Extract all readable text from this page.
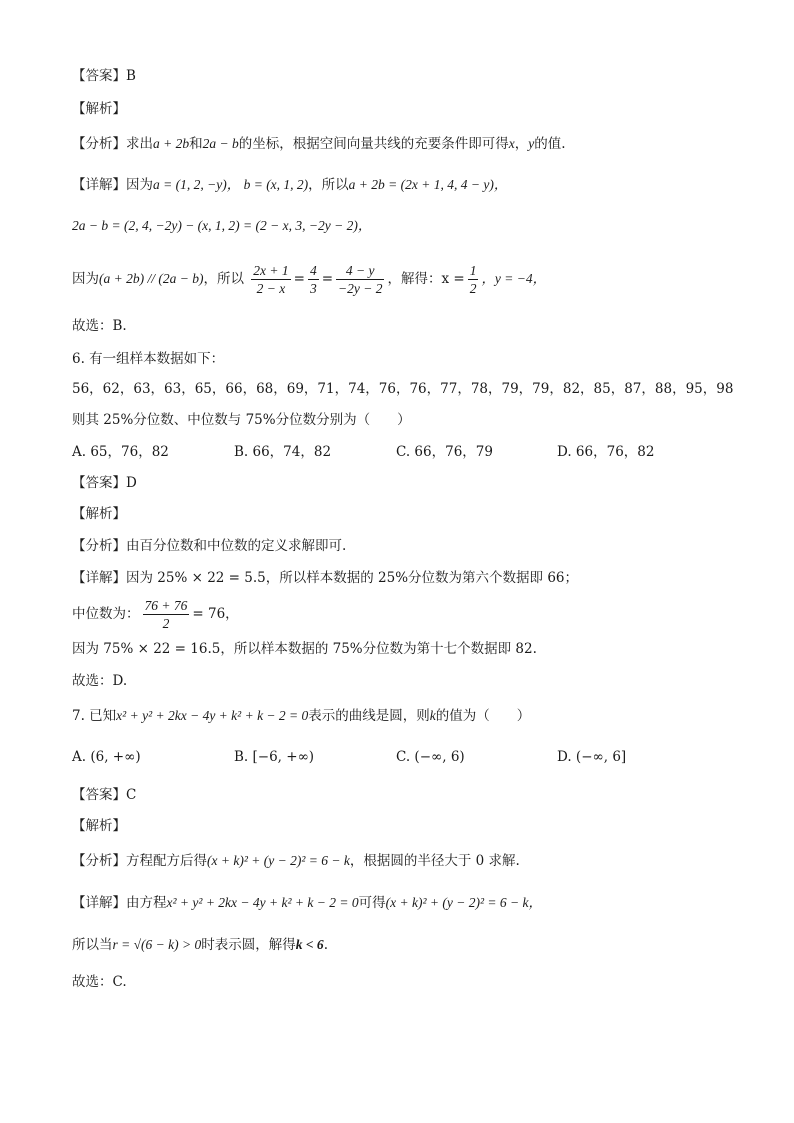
【答案】B
【解析】
【分析】求出a + 2b和2a − b的坐标，根据空间向量共线的充要条件即可得x，y的值.
【详解】因为a = (1, 2, −y)， b = (x, 1, 2)，所以a + 2b = (2x + 1, 4, 4 − y)，
2a − b = (2, 4, −2y) − (x, 1, 2) = (2 − x, 3, −2y − 2)，
因为(a + 2b) // (2a − b)，所以 $\frac{2x + 1}{2 - x} = \frac{4}{3} = \frac{4 - y}{-2y - 2}$ ，解得：$x = \frac{1}{2}$ ，y = −4，
故选：B.
6. 有一组样本数据如下：
56，62，63，63，65，66，68，69，71，74，76，76，77，78，79，79，82，85，87，88，95，98
则其 25%分位数、中位数与 75%分位数分别为（　　）
A. 65，76，82	B. 66，74，82	C. 66，76，79	D. 66，76，82
【答案】D
【解析】
【分析】由百分位数和中位数的定义求解即可.
【详解】因为 25% × 22 = 5.5，所以样本数据的 25%分位数为第六个数据即 66；
中位数为： $\frac{76 + 76}{2} = 76$，
因为 75% × 22 = 16.5，所以样本数据的 75%分位数为第十七个数据即 82.
故选：D.
7. 已知x² + y² + 2kx − 4y + k² + k − 2 = 0表示的曲线是圆，则k的值为（　　）
A. (6, +∞)	B. [−6, +∞)	C. (−∞, 6)	D. (−∞, 6]
【答案】C
【解析】
【分析】方程配方后得(x + k)² + (y − 2)² = 6 − k，根据圆的半径大于 0 求解.
【详解】由方程x² + y² + 2kx − 4y + k² + k − 2 = 0可得(x + k)² + (y − 2)² = 6 − k，
所以当r = √(6 − k) > 0时表示圆，解得k < 6.
故选：C.
